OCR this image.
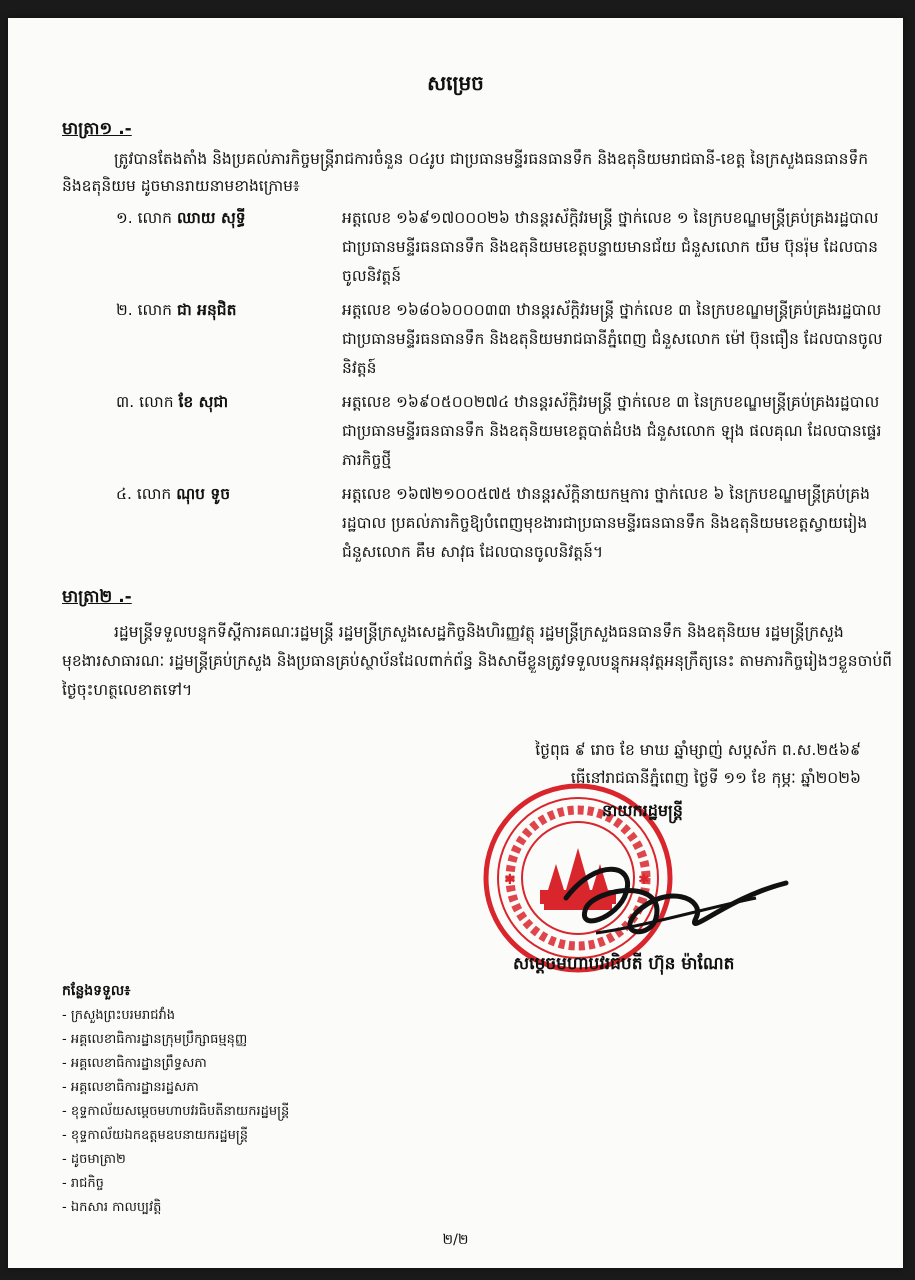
សម្រេច
មាត្រា១ .-
ត្រូវបានតែងតាំង និងប្រគល់ភារកិច្ចមន្ត្រីរាជការចំនួន ០៤រូប ជាប្រធានមន្ទីរធនធានទឹក និងឧតុនិយមរាជធានី-ខេត្ត នៃក្រសួងធនធានទឹក និងឧតុនិយម ដូចមានរាយនាមខាងក្រោម៖
១. លោក ឈាយ សុទ្ធី	អត្តលេខ ១៦៩១៧០០០២៦ ឋានន្តរស័ក្តិវរមន្ត្រី ថ្នាក់លេខ ១ នៃក្របខណ្ឌមន្ត្រីគ្រប់គ្រងរដ្ឋបាល ជាប្រធានមន្ទីរធនធានទឹក និងឧតុនិយមខេត្តបន្ទាយមានជ័យ ជំនួសលោក យឹម ប៊ុនរ៉ុម ដែលបានចូលនិវត្តន៍
២. លោក ជា អនុជិត	អត្តលេខ ១៦៨០៦០០០៣៣ ឋានន្តរស័ក្តិវរមន្ត្រី ថ្នាក់លេខ ៣ នៃក្របខណ្ឌមន្ត្រីគ្រប់គ្រងរដ្ឋបាល ជាប្រធានមន្ទីរធនធានទឹក និងឧតុនិយមរាជធានីភ្នំពេញ ជំនួសលោក ម៉ៅ ប៊ុនធឿន ដែលបានចូលនិវត្តន៍
៣. លោក ខែ សុជា	អត្តលេខ ១៦៩០៥០០២៧៤ ឋានន្តរស័ក្តិវរមន្ត្រី ថ្នាក់លេខ ៣ នៃក្របខណ្ឌមន្ត្រីគ្រប់គ្រងរដ្ឋបាល ជាប្រធានមន្ទីរធនធានទឹក និងឧតុនិយមខេត្តបាត់ដំបង ជំនួសលោក ឡុង ផលគុណ ដែលបានផ្ទេរភារកិច្ចថ្មី
៤. លោក ណុប ទូច	អត្តលេខ ១៦៧២១០០៥៧៥ ឋានន្តរស័ក្តិនាយកម្មការ ថ្នាក់លេខ ៦ នៃក្របខណ្ឌមន្ត្រីគ្រប់គ្រងរដ្ឋបាល ប្រគល់ភារកិច្ចឱ្យបំពេញមុខងារជាប្រធានមន្ទីរធនធានទឹក និងឧតុនិយមខេត្តស្វាយរៀង ជំនួសលោក គឹម សាវុធ ដែលបានចូលនិវត្តន៍។
មាត្រា២ .-
រដ្ឋមន្ត្រីទទួលបន្ទុកទីស្តីការគណៈរដ្ឋមន្ត្រី រដ្ឋមន្ត្រីក្រសួងសេដ្ឋកិច្ចនិងហិរញ្ញវត្ថុ រដ្ឋមន្ត្រីក្រសួងធនធានទឹក និងឧតុនិយម រដ្ឋមន្ត្រីក្រសួងមុខងារសាធារណៈ រដ្ឋមន្ត្រីគ្រប់ក្រសួង និងប្រធានគ្រប់ស្ថាប័នដែលពាក់ព័ន្ធ និងសាមីខ្លួនត្រូវទទួលបន្ទុកអនុវត្តអនុក្រឹត្យនេះ តាមភារកិច្ចរៀងៗខ្លួនចាប់ពីថ្ងៃចុះហត្ថលេខាតទៅ។
ថ្ងៃពុធ ៩ រោច ខែ មាឃ ឆ្នាំម្សាញ់ សប្តស័ក ព.ស.២៥៦៩
ធ្វើនៅរាជធានីភ្នំពេញ ថ្ងៃទី ១១ ខែ កុម្ភៈ ឆ្នាំ២០២៦
✱	✱
នាយករដ្ឋមន្ត្រី
សម្តេចមហាបវរធិបតី ហ៊ុន ម៉ាណែត
កន្លែងទទួល៖
- ក្រសួងព្រះបរមរាជវាំង
- អគ្គលេខាធិការដ្ឋានក្រុមប្រឹក្សាធម្មនុញ្ញ
- អគ្គលេខាធិការដ្ឋានព្រឹទ្ធសភា
- អគ្គលេខាធិការដ្ឋានរដ្ឋសភា
- ខុទ្ទកាល័យសម្តេចមហាបវរធិបតីនាយករដ្ឋមន្ត្រី
- ខុទ្ទកាល័យឯកឧត្តមឧបនាយករដ្ឋមន្ត្រី
- ដូចមាត្រា២
- រាជកិច្ច
- ឯកសារ កាលប្បវត្តិ
២/២
